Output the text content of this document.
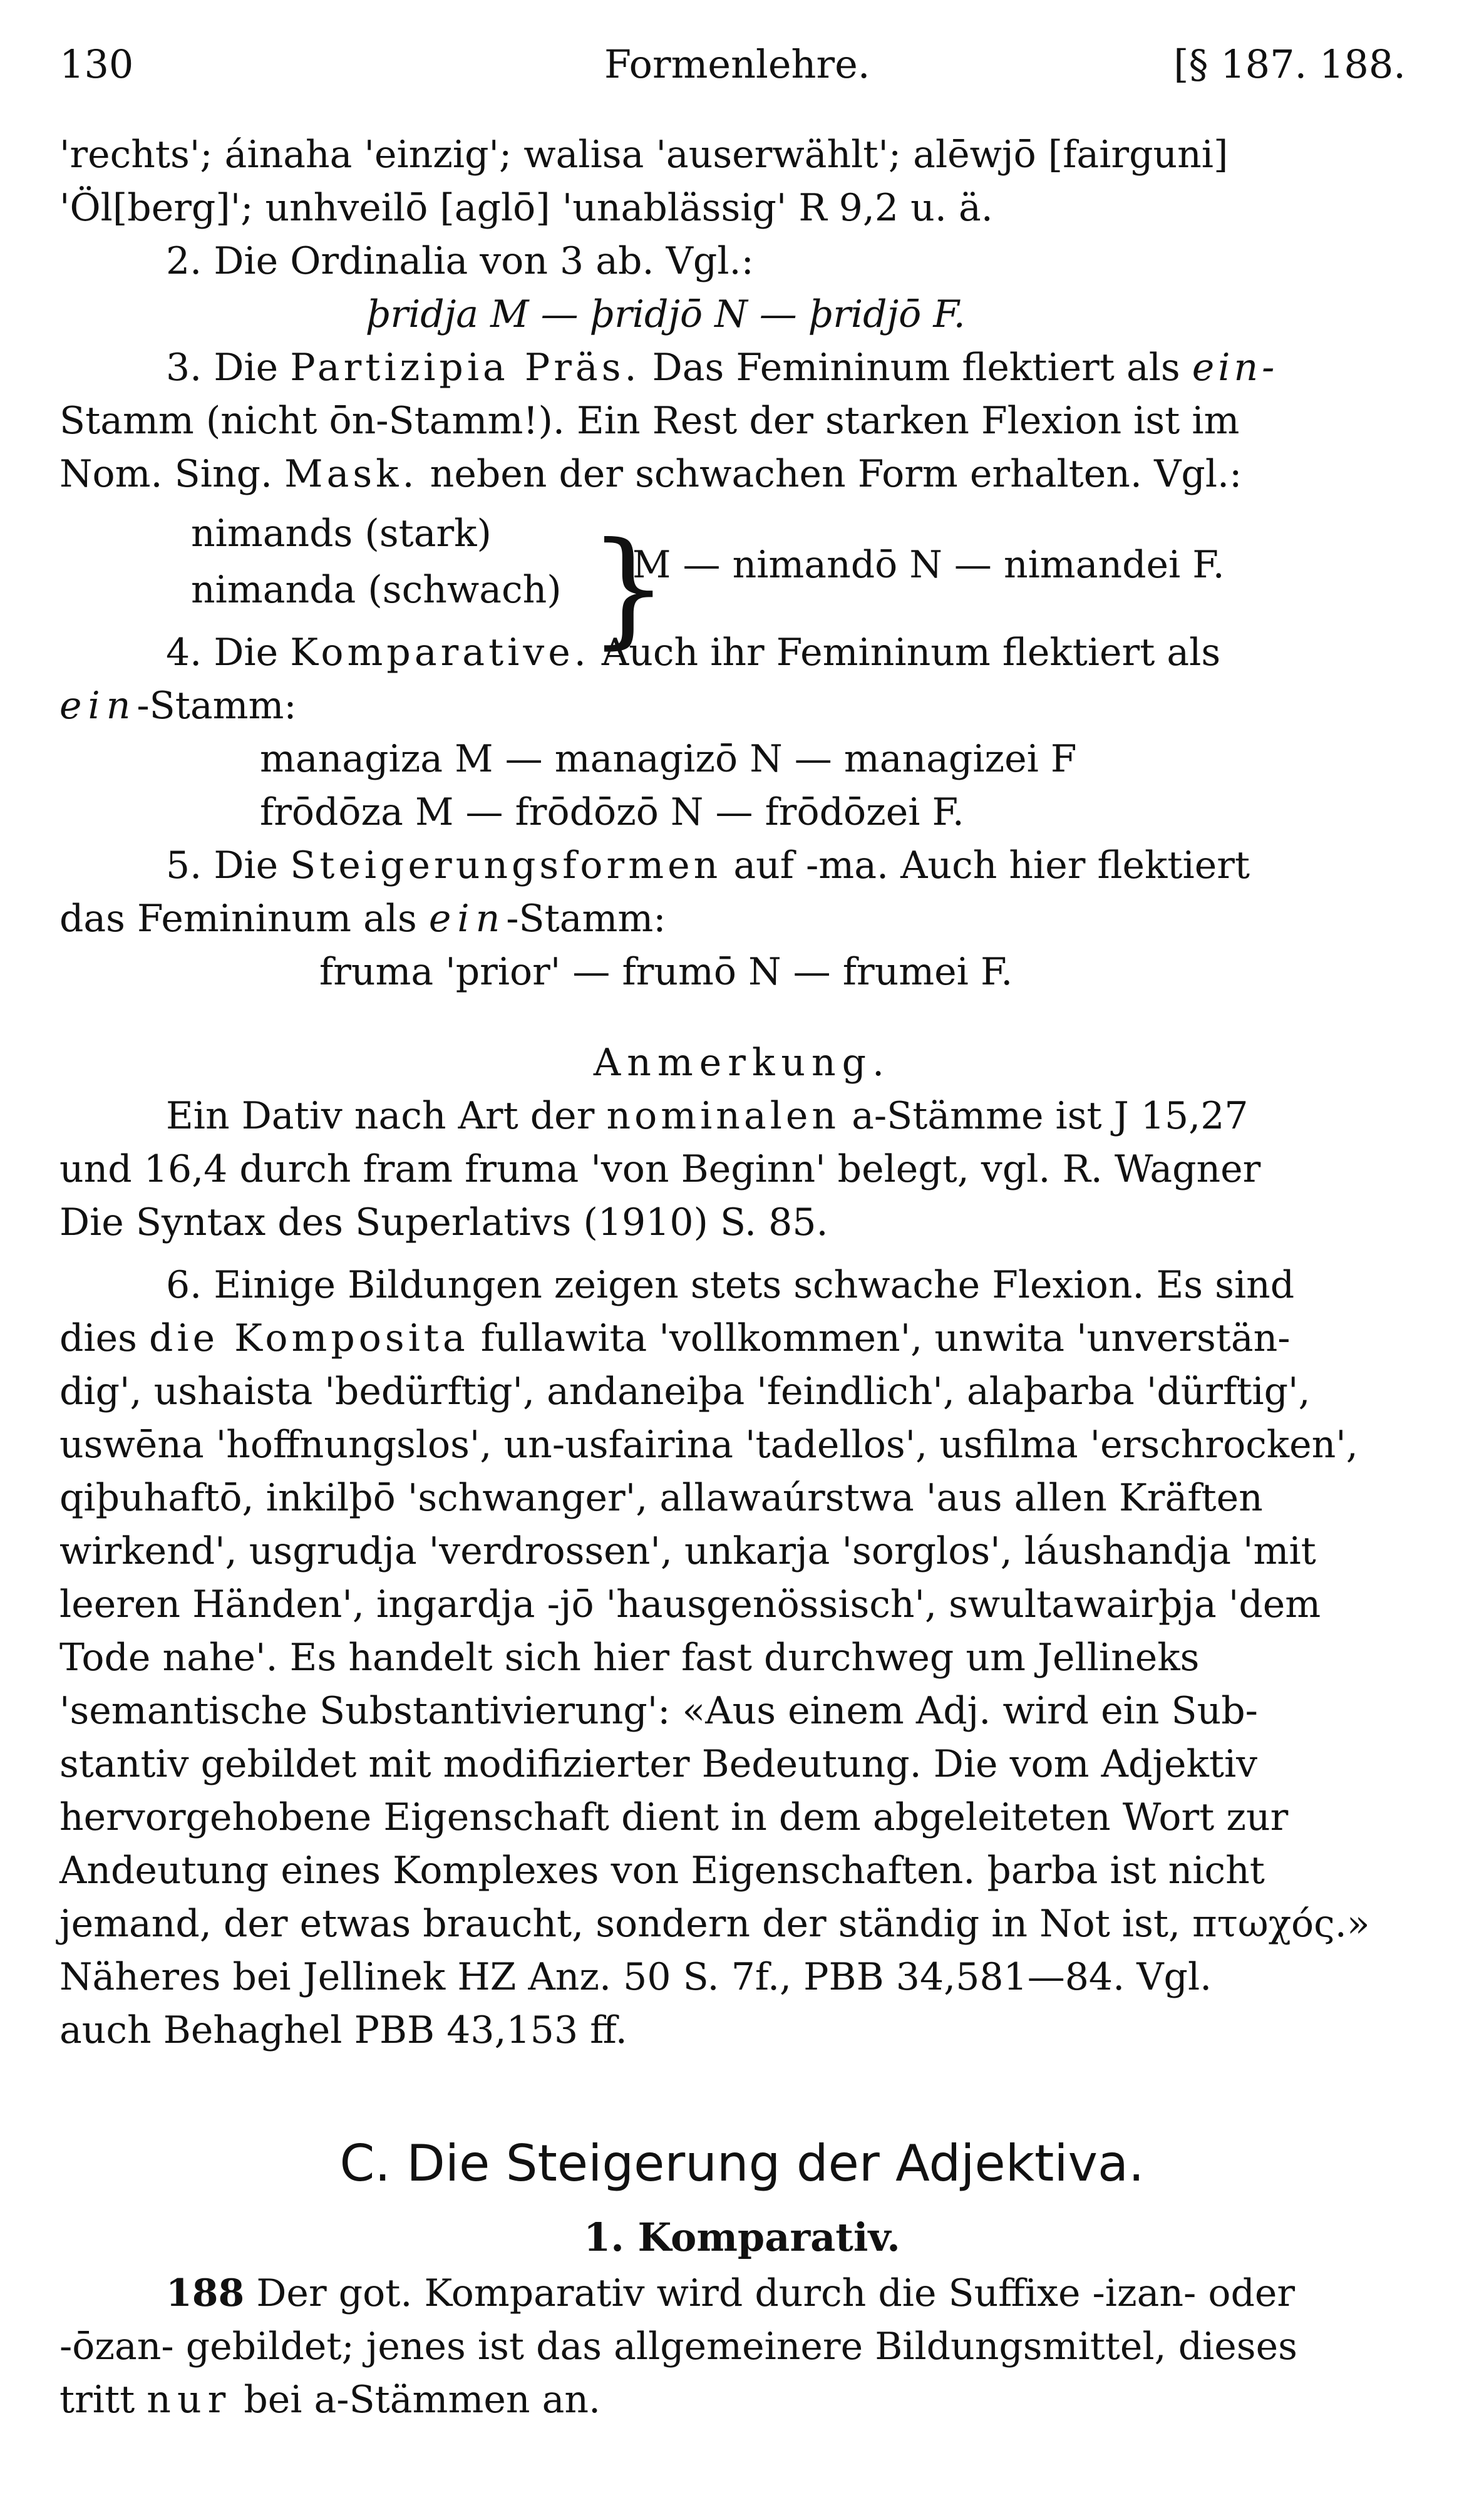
130	Formenlehre.	[§ 187. 188.
'rechts'; áinaha 'einzig'; walisa 'auserwählt'; alēwjō [fairguni]
'Öl[berg]'; unhveilō [aglō] 'unablässig' R 9,2 u. ä.
2. Die Ordinalia von 3 ab. Vgl.:
þridja M — þridjō N — þridjō F.
3. Die Partizipia Präs. Das Femininum flektiert als ein-
Stamm (nicht ōn-Stamm!). Ein Rest der starken Flexion ist im
Nom. Sing. Mask. neben der schwachen Form erhalten. Vgl.:
nimands (stark)
nimanda (schwach) }
M — nimandō N — nimandei F.
4. Die Komparative. Auch ihr Femininum flektiert als
ein-Stamm:
managiza M — managizō N — managizei F
frōdōza M — frōdōzō N — frōdōzei F.
5. Die Steigerungsformen auf -ma. Auch hier flektiert
das Femininum als ein-Stamm:
fruma 'prior' — frumō N — frumei F.
Anmerkung.
Ein Dativ nach Art der nominalen a-Stämme ist J 15,27
und 16,4 durch fram fruma 'von Beginn' belegt, vgl. R. Wagner
Die Syntax des Superlativs (1910) S. 85.
6. Einige Bildungen zeigen stets schwache Flexion. Es sind
dies die Komposita fullawita 'vollkommen', unwita 'unverstän-
dig', ushaista 'bedürftig', andaneiþa 'feindlich', alaþarba 'dürftig',
uswēna 'hoffnungslos', un-usfairina 'tadellos', usfilma 'erschrocken',
qiþuhaftō, inkilþō 'schwanger', allawaúrstwa 'aus allen Kräften
wirkend', usgrudja 'verdrossen', unkarja 'sorglos', láushandja 'mit
leeren Händen', ingardja -jō 'hausgenössisch', swultawairþja 'dem
Tode nahe'. Es handelt sich hier fast durchweg um Jellineks
'semantische Substantivierung': «Aus einem Adj. wird ein Sub-
stantiv gebildet mit modifizierter Bedeutung. Die vom Adjektiv
hervorgehobene Eigenschaft dient in dem abgeleiteten Wort zur
Andeutung eines Komplexes von Eigenschaften. þarba ist nicht
jemand, der etwas braucht, sondern der ständig in Not ist, πτωχός.»
Näheres bei Jellinek HZ Anz. 50 S. 7f., PBB 34,581—84. Vgl.
auch Behaghel PBB 43,153 ff.
C. Die Steigerung der Adjektiva.
1. Komparativ.
188 Der got. Komparativ wird durch die Suffixe -izan- oder
-ōzan- gebildet; jenes ist das allgemeinere Bildungsmittel, dieses
tritt nur bei a-Stämmen an.
